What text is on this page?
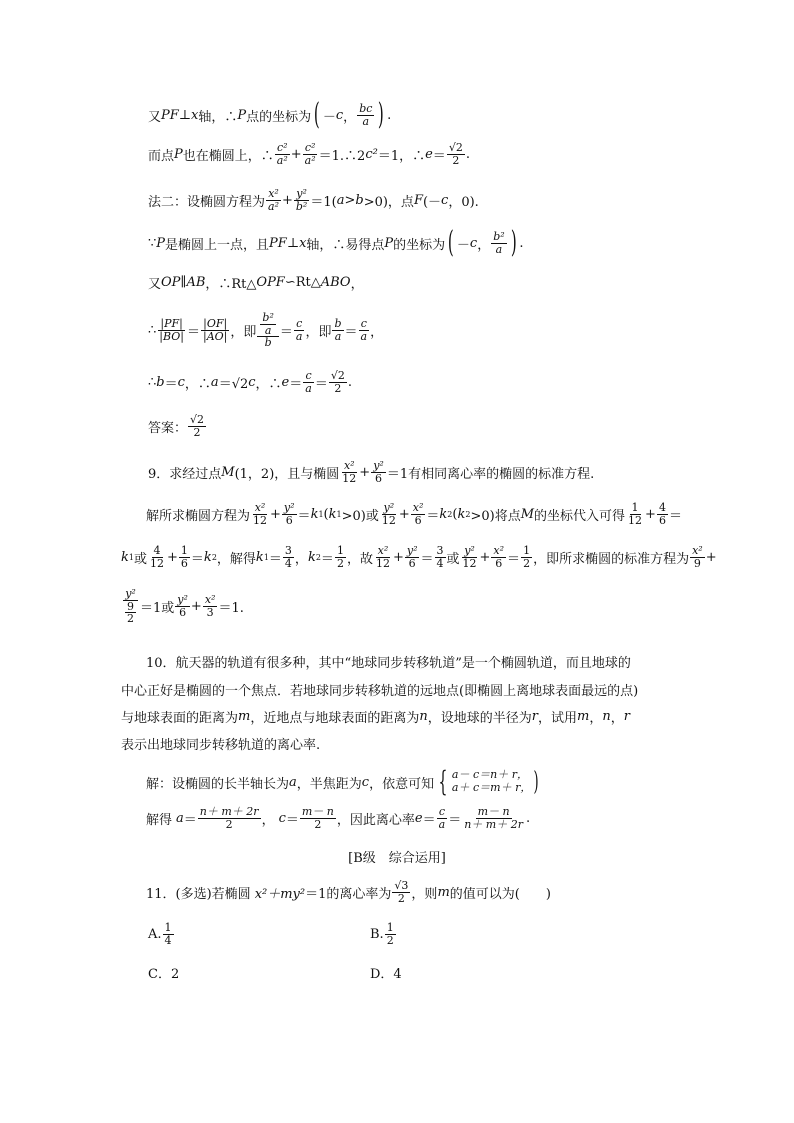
又 PF ⊥ x 轴，∴ P 点的坐标为 ( － c ， $\frac{bc}{a}$ ) .
而点 P 也在椭圆上，∴ $\frac{\text{c²}}{\text{a²}} + \frac{\text{c²}}{\text{a²}}$ ＝1.∴2 c² ＝1，∴ $e = \frac{√2}{2}$ .
法二：设椭圆方程为 $\frac{\text{x²}}{\text{a²}} + \frac{\text{y²}}{\text{b²}} =1$( a > b >0)，点 F (－ c ，0).
∵ P 是椭圆上一点，且 PF ⊥ x 轴，∴易得点 P 的坐标为 ( － c ， $\frac{\text{b²}}{a}$ ) .
又 OP ∥ AB ，∴Rt△ OPF ∽Rt△ ABO ，
∴ $\frac{|PF|}{|BO|} = \frac{|OF|}{|AO|}$ ，即 $\frac{\frac{\text{b²}}{a}}{b} = \frac{c}{a}$ ，即 $\frac{b}{a} = \frac{c}{a}$ ，
∴ b ＝ c ，∴ a ＝√2 c ，∴ $e = \frac{c}{a} = \frac{√2}{2}$ .
答案： $\frac{√2}{2}$
9．求经过点 M (1，2)，且与椭圆 $\frac{\text{x²}}{12} + \frac{\text{y²}}{6} =1$有相同离心率的椭圆的标准方程.
解所求椭圆方程为 $\frac{\text{x²}}{12} + \frac{\text{y²}}{6} = k$ 1 ( k 1 >0)或 $\frac{\text{y²}}{12} + \frac{\text{x²}}{6} = k$ 2 ( k 2 >0)将点 M 的坐标代入可得 $\frac{1}{12} + \frac{4}{6}$ ＝
k 1 或 $\frac{4}{12} + \frac{1}{6} = k$ 2 ，解得 k $1 = \frac{3}{4}$ ， k $2 = \frac{1}{2}$ ，故 $\frac{\text{x²}}{12} + \frac{\text{y²}}{6} = \frac{3}{4}$ 或 $\frac{\text{y²}}{12} + \frac{\text{x²}}{6} = \frac{1}{2}$ ，即所求椭圆的标准方程为 $\frac{\text{x²}}{9}$ +
$\frac{\text{y²}}{\frac{9}{2}} =1$或 $\frac{\text{y²}}{6} + \frac{\text{x²}}{3} =1$.
10．航天器的轨道有很多种，其中“地球同步转移轨道”是一个椭圆轨道，而且地球的
中心正好是椭圆的一个焦点．若地球同步转移轨道的远地点(即椭圆上离地球表面最远的点)
与地球表面的距离为 m ，近地点与地球表面的距离为 n ，设地球的半径为 r ，试用 m ， n ， r
表示出地球同步转移轨道的离心率.
解：设椭圆的长半轴长为 a ，半焦距为 c ，依意可知 { a－ c＝n＋ r，
a＋ c＝m＋ r， )
解得 $a = \frac{n+ m+ 2r}{2}$ ， $c = \frac{m- n}{2}$ ，因此离心率 $e = \frac{c}{a} = \frac{m- n}{n+ m+ 2r}$ .
[B级　综合运用]
11．(多选)若椭圆 x²＋my² ＝1的离心率为 $\frac{√3}{2}$ ，则 m 的值可以为(　　)
A. $\frac{1}{4}$	B. $\frac{1}{2}$
C．2	D．4
